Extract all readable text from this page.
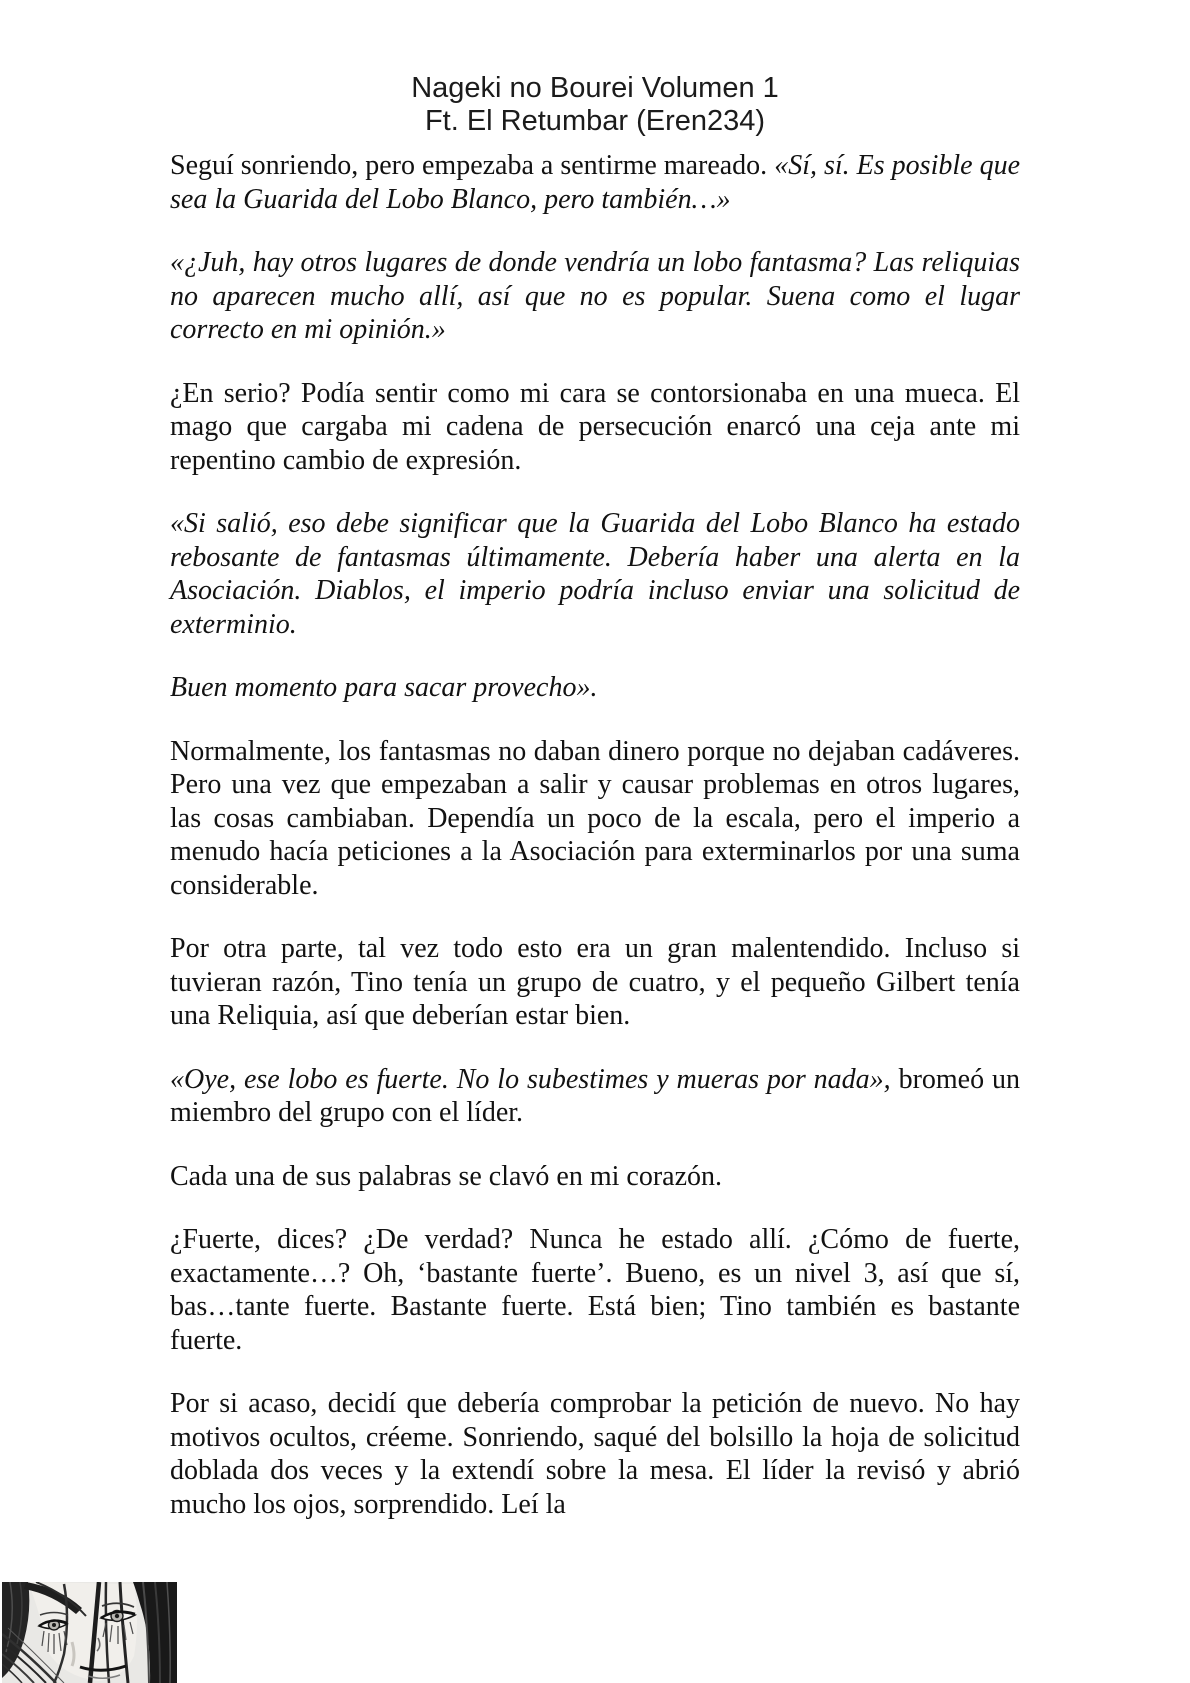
Nageki no Bourei Volumen 1
Ft. El Retumbar (Eren234)

Seguí sonriendo, pero empezaba a sentirme mareado. «Sí, sí. Es posible que sea la Guarida del Lobo Blanco, pero también…»

«¿Juh, hay otros lugares de donde vendría un lobo fantasma? Las reliquias no aparecen mucho allí, así que no es popular. Suena como el lugar correcto en mi opinión.»

¿En serio? Podía sentir como mi cara se contorsionaba en una mueca. El mago que cargaba mi cadena de persecución enarcó una ceja ante mi repentino cambio de expresión.

«Si salió, eso debe significar que la Guarida del Lobo Blanco ha estado rebosante de fantasmas últimamente. Debería haber una alerta en la Asociación. Diablos, el imperio podría incluso enviar una solicitud de exterminio.

Buen momento para sacar provecho».

Normalmente, los fantasmas no daban dinero porque no dejaban cadáveres. Pero una vez que empezaban a salir y causar problemas en otros lugares, las cosas cambiaban. Dependía un poco de la escala, pero el imperio a menudo hacía peticiones a la Asociación para exterminarlos por una suma considerable.

Por otra parte, tal vez todo esto era un gran malentendido. Incluso si tuvieran razón, Tino tenía un grupo de cuatro, y el pequeño Gilbert tenía una Reliquia, así que deberían estar bien.

«Oye, ese lobo es fuerte. No lo subestimes y mueras por nada», bromeó un miembro del grupo con el líder.

Cada una de sus palabras se clavó en mi corazón.

¿Fuerte, dices? ¿De verdad? Nunca he estado allí. ¿Cómo de fuerte, exactamente…? Oh, ‘bastante fuerte’. Bueno, es un nivel 3, así que sí, bas…tante fuerte. Bastante fuerte. Está bien; Tino también es bastante fuerte.

Por si acaso, decidí que debería comprobar la petición de nuevo. No hay motivos ocultos, créeme. Sonriendo, saqué del bolsillo la hoja de solicitud doblada dos veces y la extendí sobre la mesa. El líder la revisó y abrió mucho los ojos, sorprendido. Leí la
